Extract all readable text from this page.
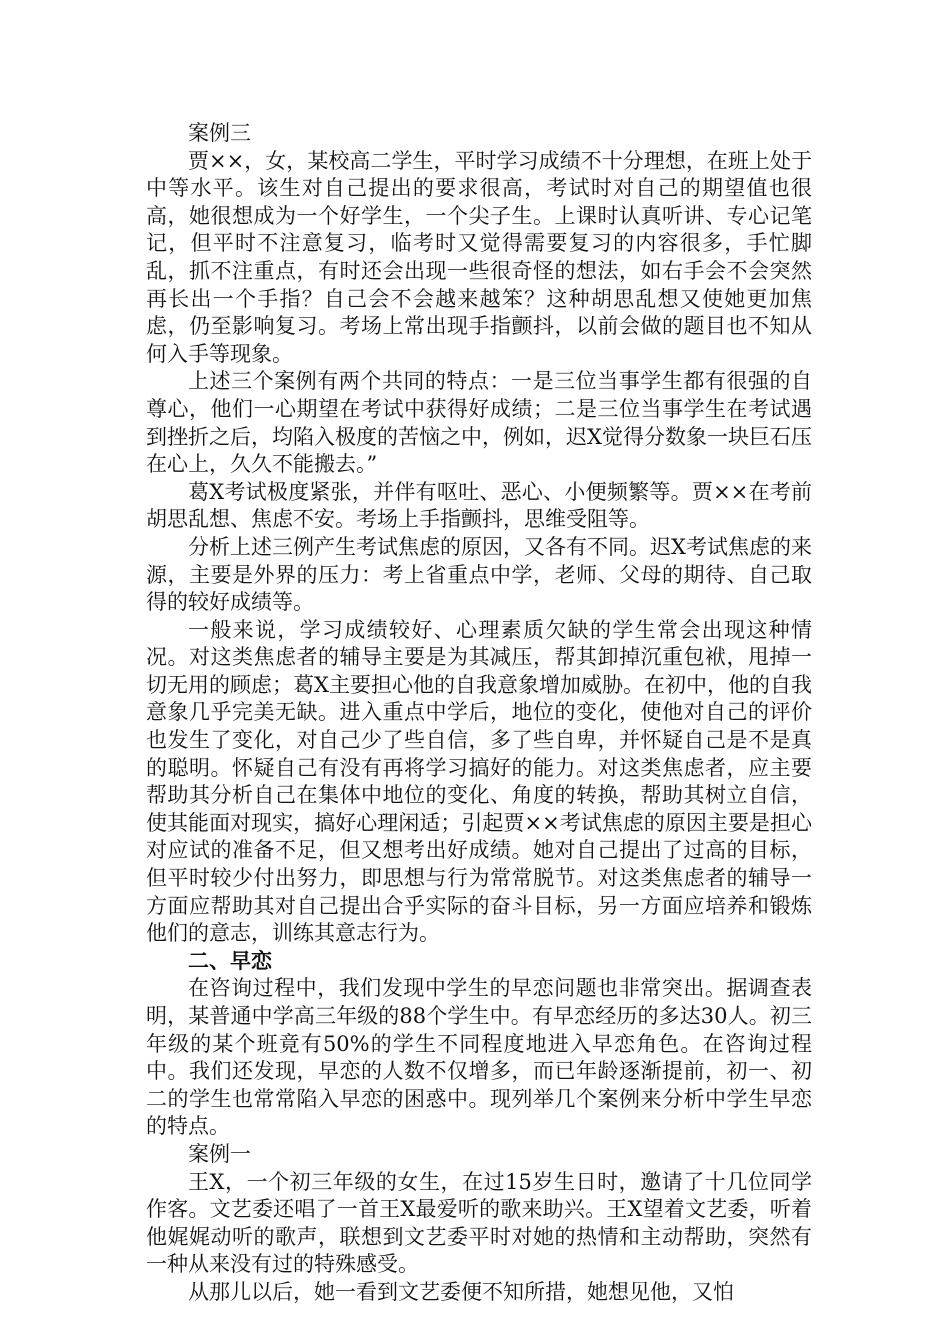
案例三

贾××，女，某校高二学生，平时学习成绩不十分理想，在班上处于中等水平。该生对自己提出的要求很高，考试时对自己的期望值也很高，她很想成为一个好学生，一个尖子生。上课时认真听讲、专心记笔记，但平时不注意复习，临考时又觉得需要复习的内容很多，手忙脚乱，抓不注重点，有时还会出现一些很奇怪的想法，如右手会不会突然再长出一个手指？自己会不会越来越笨？这种胡思乱想又使她更加焦虑，仍至影响复习。考场上常出现手指颤抖，以前会做的题目也不知从何入手等现象。

上述三个案例有两个共同的特点：一是三位当事学生都有很强的自尊心，他们一心期望在考试中获得好成绩；二是三位当事学生在考试遇到挫折之后，均陷入极度的苦恼之中，例如，迟X觉得分数象一块巨石压在心上，久久不能搬去。”

葛X考试极度紧张，并伴有呕吐、恶心、小便频繁等。贾××在考前胡思乱想、焦虑不安。考场上手指颤抖，思维受阻等。

分析上述三例产生考试焦虑的原因，又各有不同。迟X考试焦虑的来源，主要是外界的压力：考上省重点中学，老师、父母的期待、自己取得的较好成绩等。

一般来说，学习成绩较好、心理素质欠缺的学生常会出现这种情况。对这类焦虑者的辅导主要是为其减压，帮其卸掉沉重包袱，甩掉一切无用的顾虑；葛X主要担心他的自我意象增加威胁。在初中，他的自我意象几乎完美无缺。进入重点中学后，地位的变化，使他对自己的评价也发生了变化，对自己少了些自信，多了些自卑，并怀疑自己是不是真的聪明。怀疑自己有没有再将学习搞好的能力。对这类焦虑者，应主要帮助其分析自己在集体中地位的变化、角度的转换，帮助其树立自信，使其能面对现实，搞好心理闲适；引起贾××考试焦虑的原因主要是担心对应试的准备不足，但又想考出好成绩。她对自己提出了过高的目标，但平时较少付出努力，即思想与行为常常脱节。对这类焦虑者的辅导一方面应帮助其对自己提出合乎实际的奋斗目标，另一方面应培养和锻炼他们的意志，训练其意志行为。

二、早恋

在咨询过程中，我们发现中学生的早恋问题也非常突出。据调查表明，某普通中学高三年级的88个学生中。有早恋经历的多达30人。初三年级的某个班竟有50%的学生不同程度地进入早恋角色。在咨询过程中。我们还发现，早恋的人数不仅增多，而已年龄逐渐提前，初一、初二的学生也常常陷入早恋的困惑中。现列举几个案例来分析中学生早恋的特点。

案例一

王X，一个初三年级的女生，在过15岁生日时，邀请了十几位同学作客。文艺委还唱了一首王X最爱听的歌来助兴。王X望着文艺委，听着他娓娓动听的歌声，联想到文艺委平时对她的热情和主动帮助，突然有一种从来没有过的特殊感受。

从那儿以后，她一看到文艺委便不知所措，她想见他，又怕
